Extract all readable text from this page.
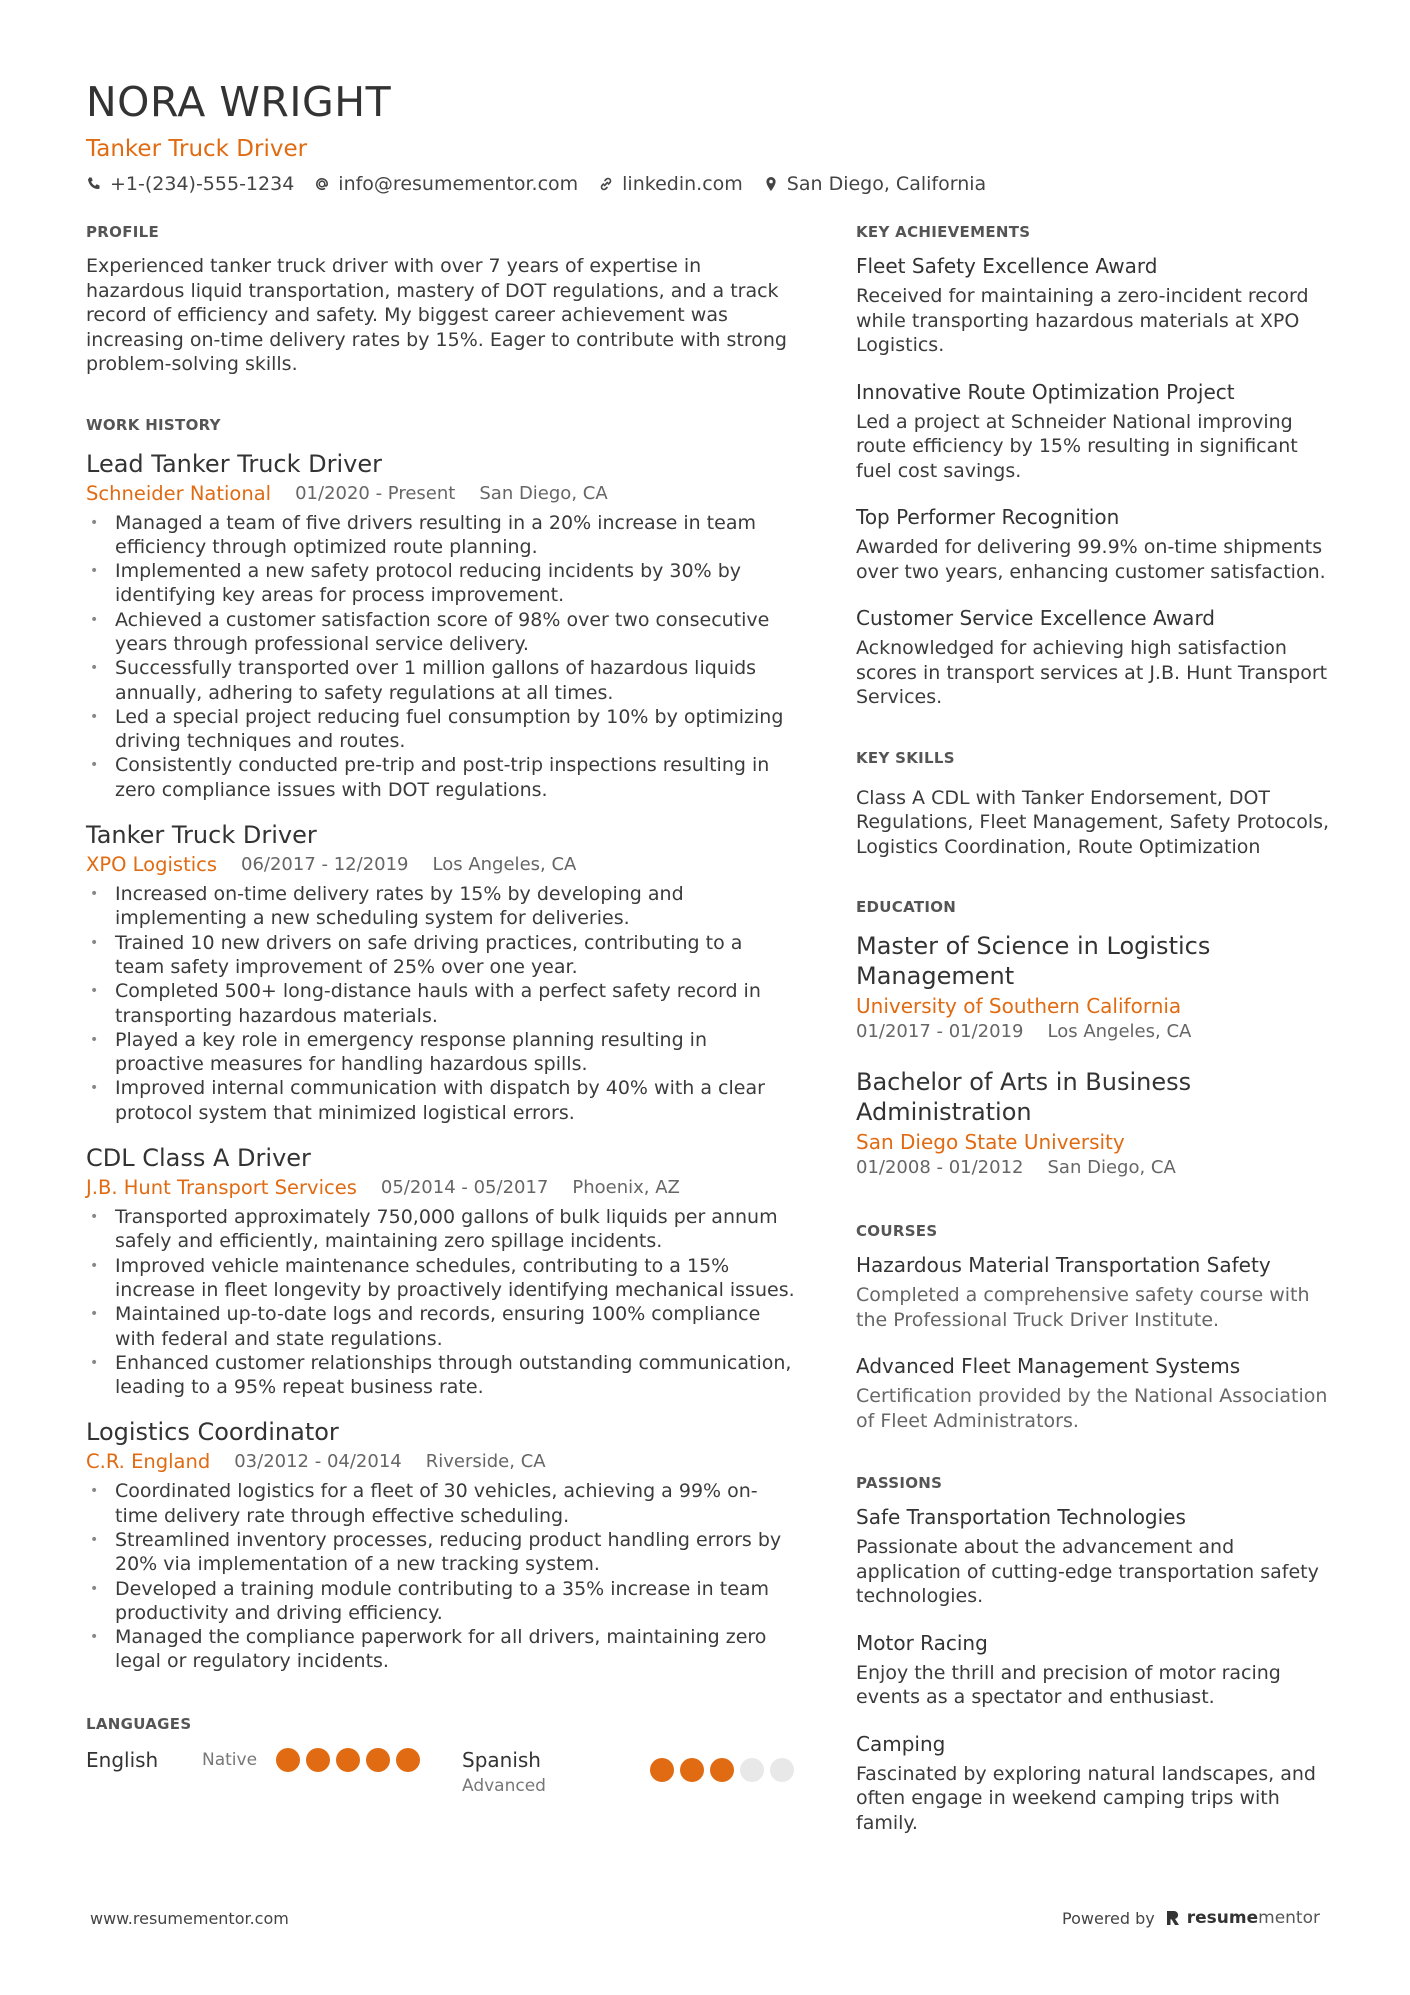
NORA WRIGHT
Tanker Truck Driver
+1-(234)-555-1234 info@resumementor.com linkedin.com San Diego, California
PROFILE

Experienced tanker truck driver with over 7 years of expertise in hazardous liquid transportation, mastery of DOT regulations, and a track record of efficiency and safety. My biggest career achievement was increasing on-time delivery rates by 15%. Eager to contribute with strong problem-solving skills.

WORK HISTORY
Lead Tanker Truck Driver
Schneider National 01/2020 - Present San Diego, CA
• Managed a team of five drivers resulting in a 20% increase in team efficiency through optimized route planning.
• Implemented a new safety protocol reducing incidents by 30% by identifying key areas for process improvement.
• Achieved a customer satisfaction score of 98% over two consecutive years through professional service delivery.
• Successfully transported over 1 million gallons of hazardous liquids annually, adhering to safety regulations at all times.
• Led a special project reducing fuel consumption by 10% by optimizing driving techniques and routes.
• Consistently conducted pre-trip and post-trip inspections resulting in zero compliance issues with DOT regulations.
Tanker Truck Driver
XPO Logistics 06/2017 - 12/2019 Los Angeles, CA
• Increased on-time delivery rates by 15% by developing and implementing a new scheduling system for deliveries.
• Trained 10 new drivers on safe driving practices, contributing to a team safety improvement of 25% over one year.
• Completed 500+ long-distance hauls with a perfect safety record in transporting hazardous materials.
• Played a key role in emergency response planning resulting in proactive measures for handling hazardous spills.
• Improved internal communication with dispatch by 40% with a clear protocol system that minimized logistical errors.
CDL Class A Driver
J.B. Hunt Transport Services 05/2014 - 05/2017 Phoenix, AZ
• Transported approximately 750,000 gallons of bulk liquids per annum safely and efficiently, maintaining zero spillage incidents.
• Improved vehicle maintenance schedules, contributing to a 15% increase in fleet longevity by proactively identifying mechanical issues.
• Maintained up-to-date logs and records, ensuring 100% compliance with federal and state regulations.
• Enhanced customer relationships through outstanding communication, leading to a 95% repeat business rate.
Logistics Coordinator
C.R. England 03/2012 - 04/2014 Riverside, CA
• Coordinated logistics for a fleet of 30 vehicles, achieving a 99% on-time delivery rate through effective scheduling.
• Streamlined inventory processes, reducing product handling errors by 20% via implementation of a new tracking system.
• Developed a training module contributing to a 35% increase in team productivity and driving efficiency.
• Managed the compliance paperwork for all drivers, maintaining zero legal or regulatory incidents.
LANGUAGES
English	Native	Spanish
Advanced
KEY ACHIEVEMENTS
Fleet Safety Excellence Award
Received for maintaining a zero-incident record while transporting hazardous materials at XPO Logistics.
Innovative Route Optimization Project
Led a project at Schneider National improving route efficiency by 15% resulting in significant fuel cost savings.
Top Performer Recognition
Awarded for delivering 99.9% on-time shipments over two years, enhancing customer satisfaction.
Customer Service Excellence Award
Acknowledged for achieving high satisfaction scores in transport services at J.B. Hunt Transport Services.
KEY SKILLS

Class A CDL with Tanker Endorsement, DOT Regulations, Fleet Management, Safety Protocols, Logistics Coordination, Route Optimization

EDUCATION
Master of Science in Logistics Management
University of Southern California
01/2017 - 01/2019 Los Angeles, CA
Bachelor of Arts in Business Administration
San Diego State University
01/2008 - 01/2012 San Diego, CA
COURSES
Hazardous Material Transportation Safety
Completed a comprehensive safety course with the Professional Truck Driver Institute.
Advanced Fleet Management Systems
Certification provided by the National Association of Fleet Administrators.
PASSIONS
Safe Transportation Technologies
Passionate about the advancement and application of cutting-edge transportation safety technologies.
Motor Racing
Enjoy the thrill and precision of motor racing events as a spectator and enthusiast.
Camping
Fascinated by exploring natural landscapes, and often engage in weekend camping trips with family.
www.resumementor.com	Powered by resume mentor
